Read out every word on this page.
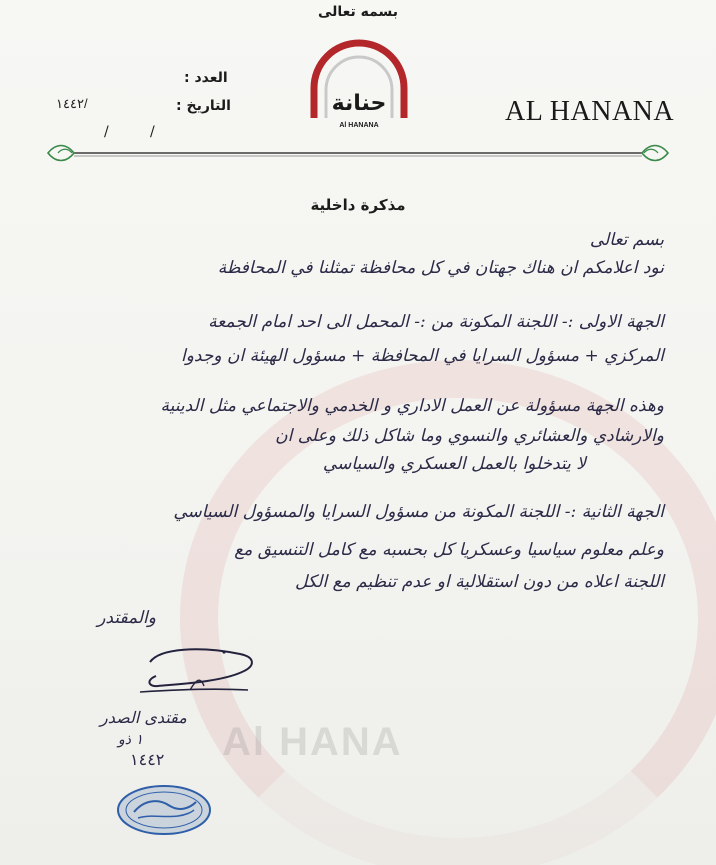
Al HANA
بسمه تعالى
العدد :
التاريخ :
١٤٤٢/
/	/
حنانة
Al HANANA	AL HANANA
مذكرة داخلية
بسم تعالى
نود اعلامكم ان هناك جهتان في كل محافظة تمثلنا في المحافظة
الجهة الاولى :- اللجنة المكونة من :- المحمل الى احد امام الجمعة
المركزي + مسؤول السرايا في المحافظة + مسؤول الهيئة ان وجدوا
وهذه الجهة مسؤولة عن العمل الاداري و الخدمي والاجتماعي مثل الدينية
والارشادي والعشائري والنسوي وما شاكل ذلك وعلى ان
لا يتدخلوا بالعمل العسكري والسياسي
الجهة الثانية :- اللجنة المكونة من مسؤول السرايا والمسؤول السياسي
وعلم معلوم سياسيا وعسكريا كل بحسبه مع كامل التنسيق مع
اللجنة اعلاه من دون استقلالية او عدم تنظيم مع الكل
والمقتدر
مقتدى الصدر
١ ذو
١٤٤٢
